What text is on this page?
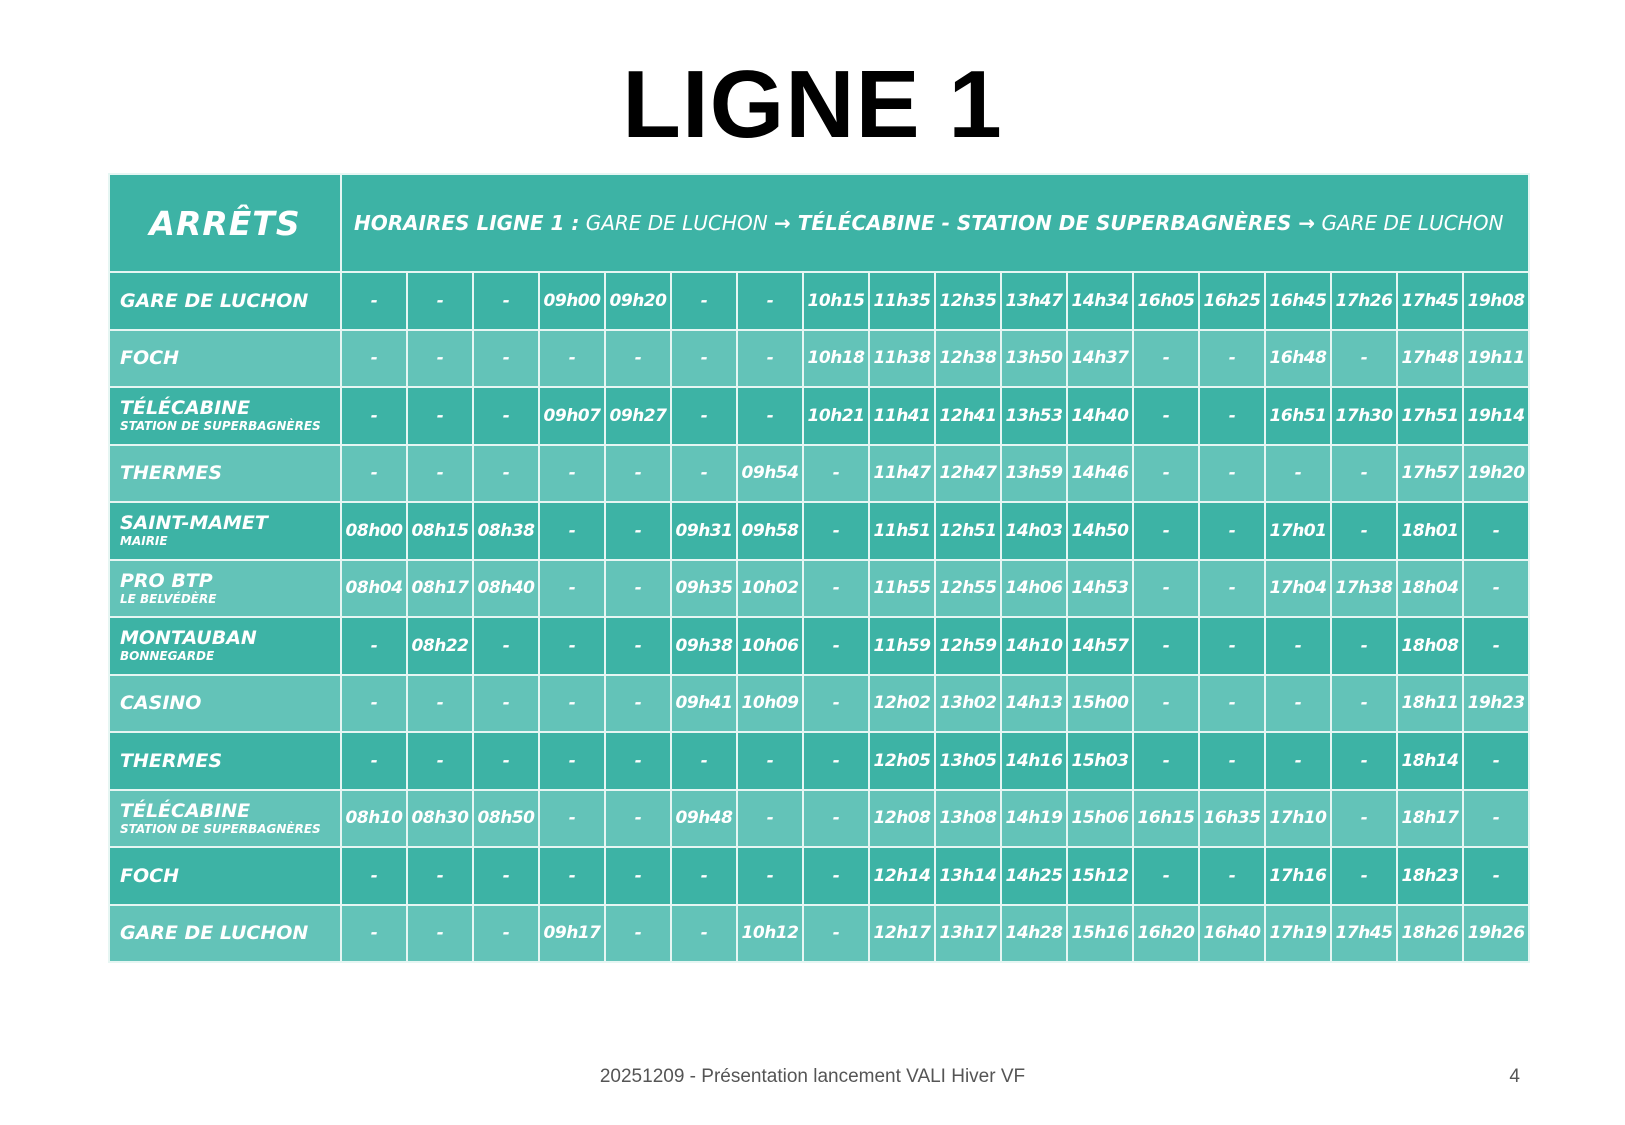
LIGNE 1
ARRÊTS	HORAIRES LIGNE 1 : GARE DE LUCHON → TÉLÉCABINE - STATION DE SUPERBAGNÈRES → GARE DE LUCHON																	

GARE DE LUCHON	-	-	-	09h00	09h20	-	-	10h15	11h35	12h35	13h47	14h34	16h05	16h25	16h45	17h26	17h45	19h08

FOCH	-	-	-	-	-	-	-	10h18	11h38	12h38	13h50	14h37	-	-	16h48	-	17h48	19h11

TÉLÉCABINE
STATION DE SUPERBAGNÈRES	-	-	-	09h07	09h27	-	-	10h21	11h41	12h41	13h53	14h40	-	-	16h51	17h30	17h51	19h14

THERMES	-	-	-	-	-	-	09h54	-	11h47	12h47	13h59	14h46	-	-	-	-	17h57	19h20

SAINT-MAMET
MAIRIE	08h00	08h15	08h38	-	-	09h31	09h58	-	11h51	12h51	14h03	14h50	-	-	17h01	-	18h01	-

PRO BTP
LE BELVÉDÈRE	08h04	08h17	08h40	-	-	09h35	10h02	-	11h55	12h55	14h06	14h53	-	-	17h04	17h38	18h04	-

MONTAUBAN
BONNEGARDE	-	08h22	-	-	-	09h38	10h06	-	11h59	12h59	14h10	14h57	-	-	-	-	18h08	-

CASINO	-	-	-	-	-	09h41	10h09	-	12h02	13h02	14h13	15h00	-	-	-	-	18h11	19h23

THERMES	-	-	-	-	-	-	-	-	12h05	13h05	14h16	15h03	-	-	-	-	18h14	-

TÉLÉCABINE
STATION DE SUPERBAGNÈRES	08h10	08h30	08h50	-	-	09h48	-	-	12h08	13h08	14h19	15h06	16h15	16h35	17h10	-	18h17	-

FOCH	-	-	-	-	-	-	-	-	12h14	13h14	14h25	15h12	-	-	17h16	-	18h23	-

GARE DE LUCHON	-	-	-	09h17	-	-	10h12	-	12h17	13h17	14h28	15h16	16h20	16h40	17h19	17h45	18h26	19h26
20251209 - Présentation lancement VALI Hiver VF	4
